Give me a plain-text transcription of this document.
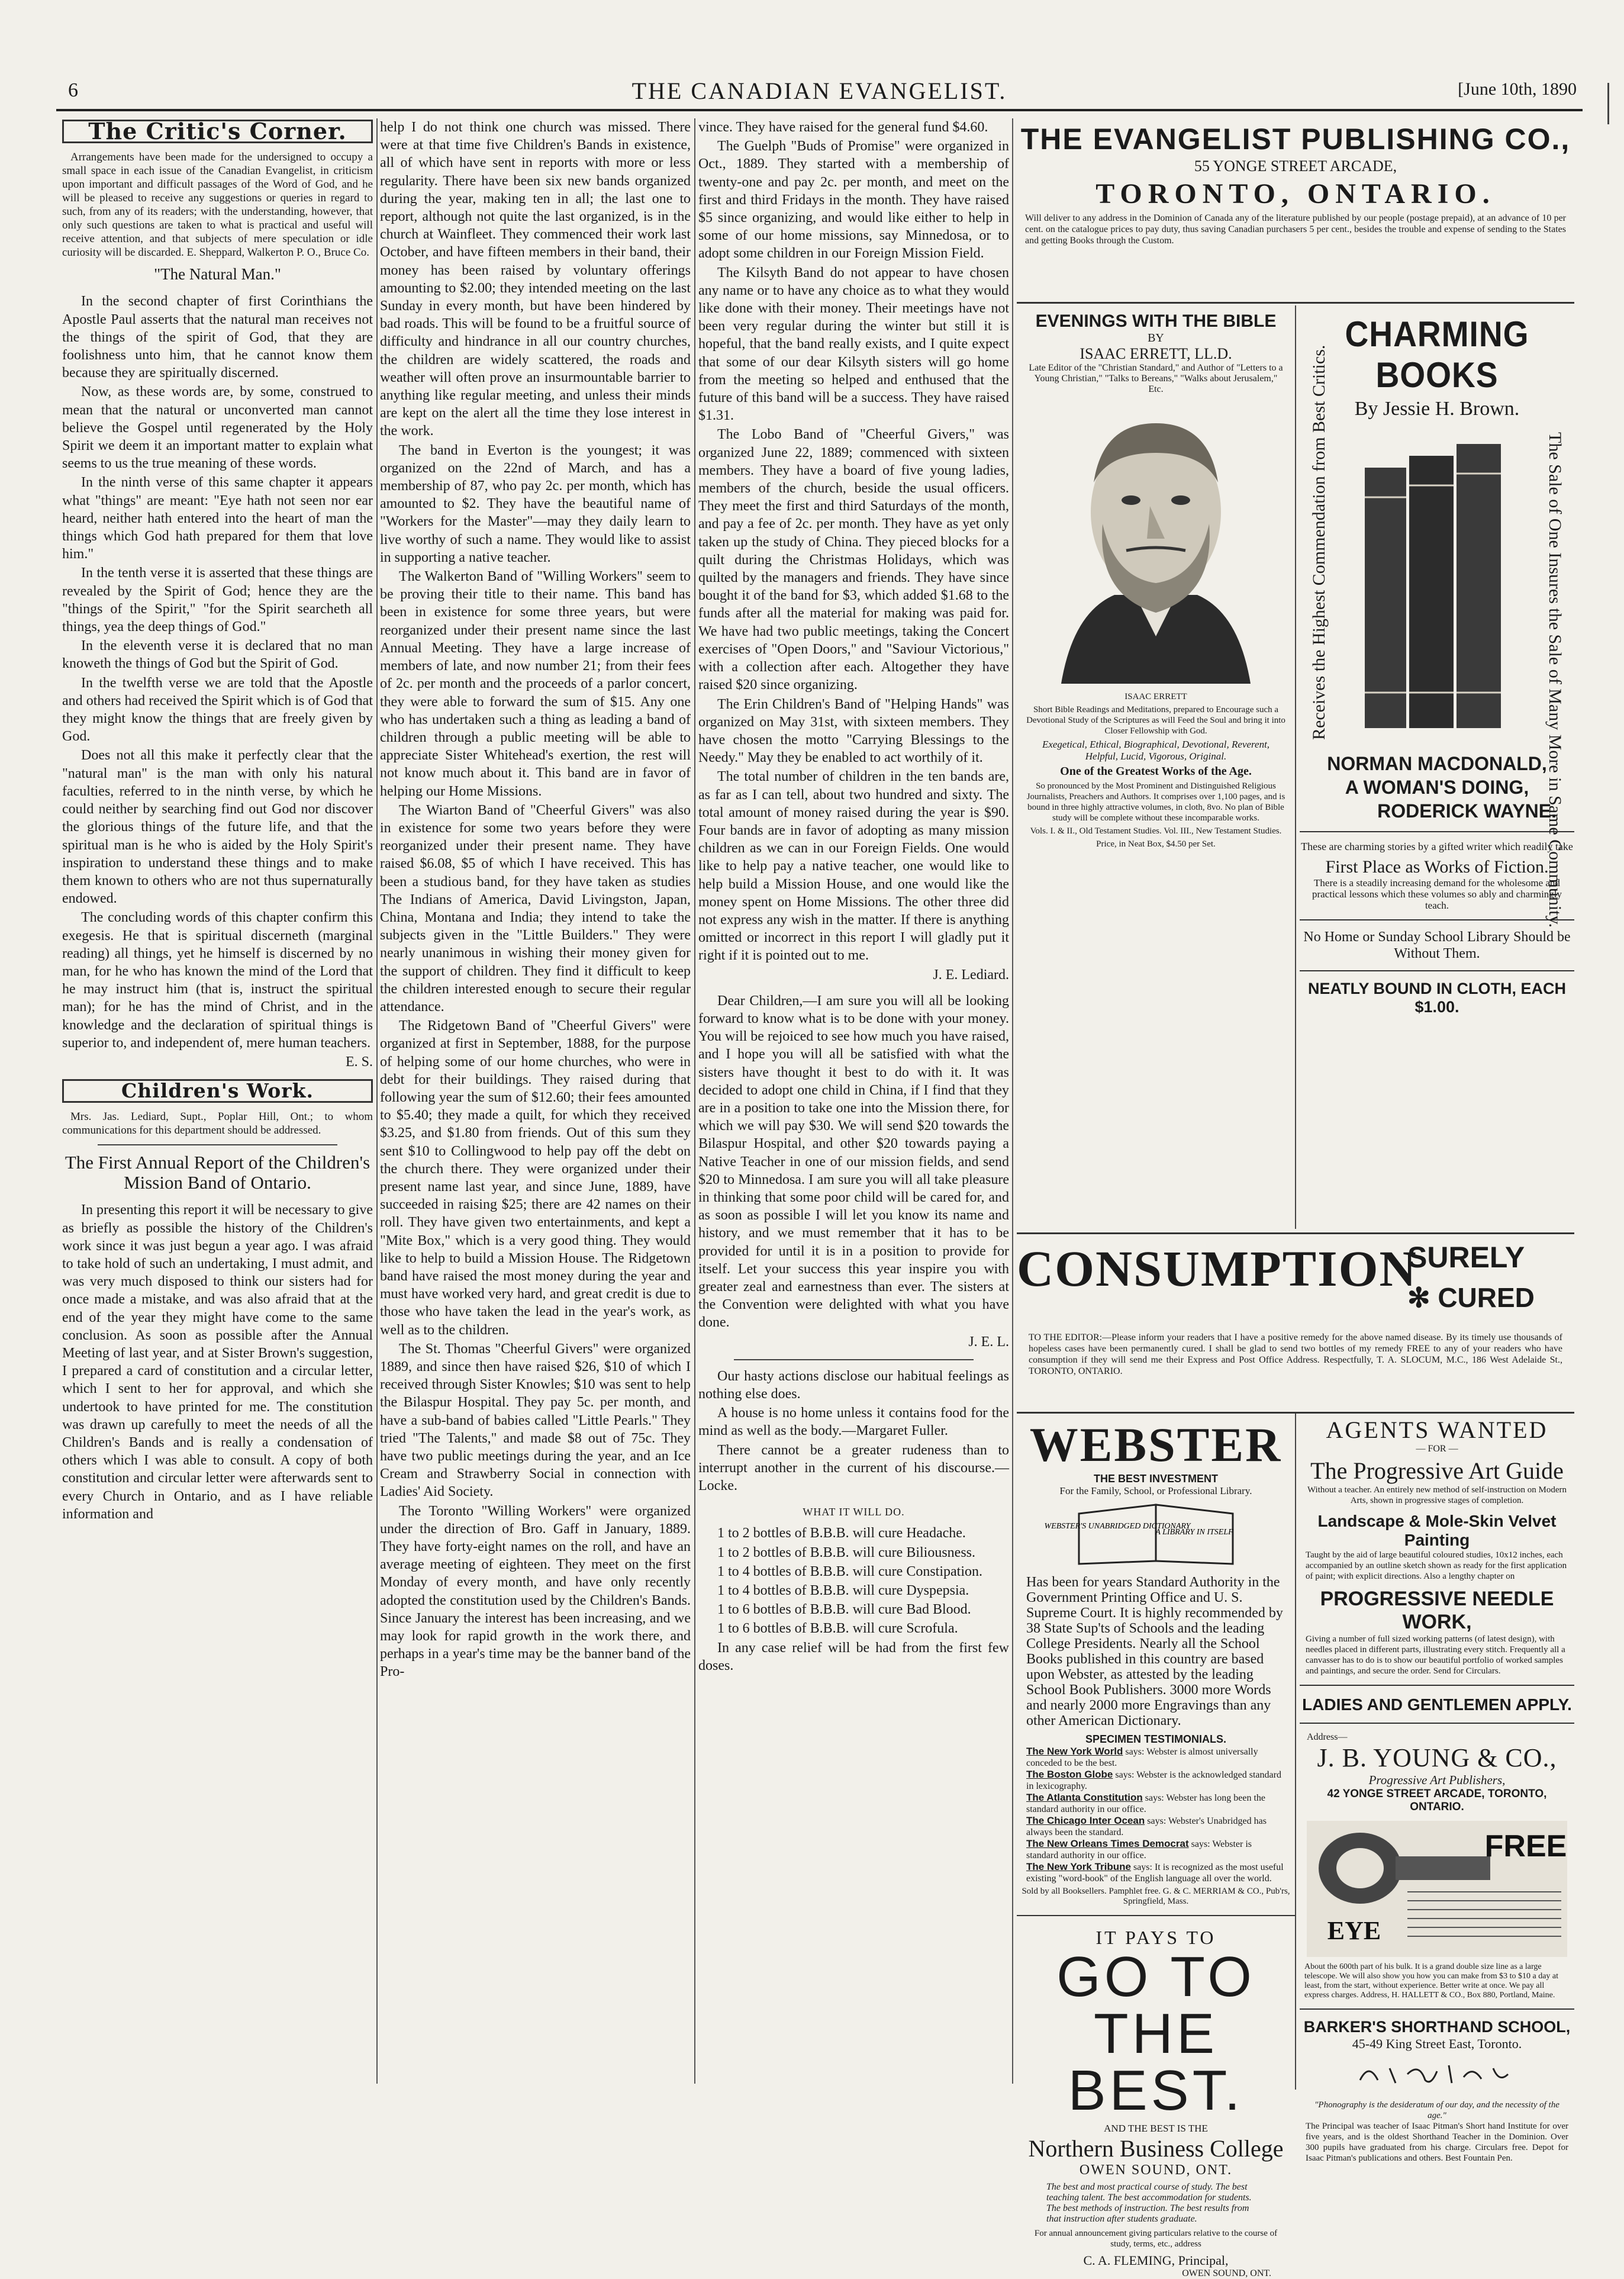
6	THE CANADIAN EVANGELIST.	[June 10th, 1890
The Critic's Corner.

Arrangements have been made for the undersigned to occupy a small space in each issue of the Canadian Evangelist, in criticism upon important and difficult passages of the Word of God, and he will be pleased to receive any suggestions or queries in regard to such, from any of its readers; with the understanding, however, that only such questions are taken to what is practical and useful will receive attention, and that subjects of mere speculation or idle curiosity will be discarded. E. Sheppard, Walkerton P. O., Bruce Co.

"The Natural Man."

In the second chapter of first Corinthians the Apostle Paul asserts that the natural man receives not the things of the spirit of God, that they are foolishness unto him, that he cannot know them because they are spiritually discerned.

Now, as these words are, by some, construed to mean that the natural or unconverted man cannot believe the Gospel until regenerated by the Holy Spirit we deem it an important matter to explain what seems to us the true meaning of these words.

In the ninth verse of this same chapter it appears what "things" are meant: "Eye hath not seen nor ear heard, neither hath entered into the heart of man the things which God hath prepared for them that love him."

In the tenth verse it is asserted that these things are revealed by the Spirit of God; hence they are the "things of the Spirit," "for the Spirit searcheth all things, yea the deep things of God."

In the eleventh verse it is declared that no man knoweth the things of God but the Spirit of God.

In the twelfth verse we are told that the Apostle and others had received the Spirit which is of God that they might know the things that are freely given by God.

Does not all this make it perfectly clear that the "natural man" is the man with only his natural faculties, referred to in the ninth verse, by which he could neither by searching find out God nor discover the glorious things of the future life, and that the spiritual man is he who is aided by the Holy Spirit's inspiration to understand these things and to make them known to others who are not thus supernaturally endowed.

The concluding words of this chapter confirm this exegesis. He that is spiritual discerneth (marginal reading) all things, yet he himself is discerned by no man, for he who has known the mind of the Lord that he may instruct him (that is, instruct the spiritual man); for he has the mind of Christ, and in the knowledge and the declaration of spiritual things is superior to, and independent of, mere human teachers.

E. S.

Children's Work.

Mrs. Jas. Lediard, Supt., Poplar Hill, Ont.; to whom communications for this department should be addressed.

The First Annual Report of the Children's Mission Band of Ontario.

In presenting this report it will be necessary to give as briefly as possible the history of the Children's work since it was just begun a year ago. I was afraid to take hold of such an undertaking, I must admit, and was very much disposed to think our sisters had for once made a mistake, and was also afraid that at the end of the year they might have come to the same conclusion. As soon as possible after the Annual Meeting of last year, and at Sister Brown's suggestion, I prepared a card of constitution and a circular letter, which I sent to her for approval, and which she undertook to have printed for me. The constitution was drawn up carefully to meet the needs of all the Children's Bands and is really a condensation of others which I was able to consult. A copy of both constitution and circular letter were afterwards sent to every Church in Ontario, and as I have reliable information and

help I do not think one church was missed. There were at that time five Children's Bands in existence, all of which have sent in reports with more or less regularity. There have been six new bands organized during the year, making ten in all; the last one to report, although not quite the last organized, is in the church at Wainfleet. They commenced their work last October, and have fifteen members in their band, their money has been raised by voluntary offerings amounting to $2.00; they intended meeting on the last Sunday in every month, but have been hindered by bad roads. This will be found to be a fruitful source of difficulty and hindrance in all our country churches, the children are widely scattered, the roads and weather will often prove an insurmountable barrier to anything like regular meeting, and unless their minds are kept on the alert all the time they lose interest in the work.

The band in Everton is the youngest; it was organized on the 22nd of March, and has a membership of 87, who pay 2c. per month, which has amounted to $2. They have the beautiful name of "Workers for the Master"—may they daily learn to live worthy of such a name. They would like to assist in supporting a native teacher.

The Walkerton Band of "Willing Workers" seem to be proving their title to their name. This band has been in existence for some three years, but were reorganized under their present name since the last Annual Meeting. They have a large increase of members of late, and now number 21; from their fees of 2c. per month and the proceeds of a parlor concert, they were able to forward the sum of $15. Any one who has undertaken such a thing as leading a band of children through a public meeting will be able to appreciate Sister Whitehead's exertion, the rest will not know much about it. This band are in favor of helping our Home Missions.

The Wiarton Band of "Cheerful Givers" was also in existence for some two years before they were reorganized under their present name. They have raised $6.08, $5 of which I have received. This has been a studious band, for they have taken as studies The Indians of America, David Livingston, Japan, China, Montana and India; they intend to take the subjects given in the "Little Builders." They were nearly unanimous in wishing their money given for the support of children. They find it difficult to keep the children interested enough to secure their regular attendance.

The Ridgetown Band of "Cheerful Givers" were organized at first in September, 1888, for the purpose of helping some of our home churches, who were in debt for their buildings. They raised during that following year the sum of $12.60; their fees amounted to $5.40; they made a quilt, for which they received $3.25, and $1.80 from friends. Out of this sum they sent $10 to Collingwood to help pay off the debt on the church there. They were organized under their present name last year, and since June, 1889, have succeeded in raising $25; there are 42 names on their roll. They have given two entertainments, and kept a "Mite Box," which is a very good thing. They would like to help to build a Mission House. The Ridgetown band have raised the most money during the year and must have worked very hard, and great credit is due to those who have taken the lead in the year's work, as well as to the children.

The St. Thomas "Cheerful Givers" were organized 1889, and since then have raised $26, $10 of which I received through Sister Knowles; $10 was sent to help the Bilaspur Hospital. They pay 5c. per month, and have a sub-band of babies called "Little Pearls." They tried "The Talents," and made $8 out of 75c. They have two public meetings during the year, and an Ice Cream and Strawberry Social in connection with Ladies' Aid Society.

The Toronto "Willing Workers" were organized under the direction of Bro. Gaff in January, 1889. They have forty-eight names on the roll, and have an average meeting of eighteen. They meet on the first Monday of every month, and have only recently adopted the constitution used by the Children's Bands. Since January the interest has been increasing, and we may look for rapid growth in the work there, and perhaps in a year's time may be the banner band of the Pro-

vince. They have raised for the general fund $4.60.

The Guelph "Buds of Promise" were organized in Oct., 1889. They started with a membership of twenty-one and pay 2c. per month, and meet on the first and third Fridays in the month. They have raised $5 since organizing, and would like either to help in some of our home missions, say Minnedosa, or to adopt some children in our Foreign Mission Field.

The Kilsyth Band do not appear to have chosen any name or to have any choice as to what they would like done with their money. Their meetings have not been very regular during the winter but still it is hopeful, that the band really exists, and I quite expect that some of our dear Kilsyth sisters will go home from the meeting so helped and enthused that the future of this band will be a success. They have raised $1.31.

The Lobo Band of "Cheerful Givers," was organized June 22, 1889; commenced with sixteen members. They have a board of five young ladies, members of the church, beside the usual officers. They meet the first and third Saturdays of the month, and pay a fee of 2c. per month. They have as yet only taken up the study of China. They pieced blocks for a quilt during the Christmas Holidays, which was quilted by the managers and friends. They have since bought it of the band for $3, which added $1.68 to the funds after all the material for making was paid for. We have had two public meetings, taking the Concert exercises of "Open Doors," and "Saviour Victorious," with a collection after each. Altogether they have raised $20 since organizing.

The Erin Children's Band of "Helping Hands" was organized on May 31st, with sixteen members. They have chosen the motto "Carrying Blessings to the Needy." May they be enabled to act worthily of it.

The total number of children in the ten bands are, as far as I can tell, about two hundred and sixty. The total amount of money raised during the year is $90. Four bands are in favor of adopting as many mission children as we can in our Foreign Fields. One would like to help pay a native teacher, one would like to help build a Mission House, and one would like the money spent on Home Missions. The other three did not express any wish in the matter. If there is anything omitted or incorrect in this report I will gladly put it right if it is pointed out to me.

J. E. Lediard.

Dear Children,—I am sure you will all be looking forward to know what is to be done with your money. You will be rejoiced to see how much you have raised, and I hope you will all be satisfied with what the sisters have thought it best to do with it. It was decided to adopt one child in China, if I find that they are in a position to take one into the Mission there, for which we will pay $30. We will send $20 towards the Bilaspur Hospital, and other $20 towards paying a Native Teacher in one of our mission fields, and send $20 to Minnedosa. I am sure you will all take pleasure in thinking that some poor child will be cared for, and as soon as possible I will let you know its name and history, and we must remember that it has to be provided for until it is in a position to provide for itself. Let your success this year inspire you with greater zeal and earnestness than ever. The sisters at the Convention were delighted with what you have done.

J. E. L.

Our hasty actions disclose our habitual feelings as nothing else does.

A house is no home unless it contains food for the mind as well as the body.—Margaret Fuller.

There cannot be a greater rudeness than to interrupt another in the current of his discourse.—Locke.

WHAT IT WILL DO.

1 to 2 bottles of B.B.B. will cure Headache.

1 to 2 bottles of B.B.B. will cure Biliousness.

1 to 4 bottles of B.B.B. will cure Constipation.

1 to 4 bottles of B.B.B. will cure Dyspepsia.

1 to 6 bottles of B.B.B. will cure Bad Blood.

1 to 6 bottles of B.B.B. will cure Scrofula.

In any case relief will be had from the first few doses.

THE EVANGELIST PUBLISHING CO.,
55 YONGE STREET ARCADE,
TORONTO, ONTARIO.
Will deliver to any address in the Dominion of Canada any of the literature published by our people (postage prepaid), at an advance of 10 per cent. on the catalogue prices to pay duty, thus saving Canadian purchasers 5 per cent., besides the trouble and expense of sending to the States and getting Books through the Custom.
EVENINGS WITH THE BIBLE
BY
ISAAC ERRETT, LL.D.
Late Editor of the "Christian Standard," and Author of "Letters to a Young Christian," "Talks to Bereans," "Walks about Jerusalem," Etc.
ISAAC ERRETT
Short Bible Readings and Meditations, prepared to Encourage such a Devotional Study of the Scriptures as will Feed the Soul and bring it into Closer Fellowship with God.
Exegetical, Ethical, Biographical, Devotional, Reverent, Helpful, Lucid, Vigorous, Original.
One of the Greatest Works of the Age.
So pronounced by the Most Prominent and Distinguished Religious Journalists, Preachers and Authors. It comprises over 1,100 pages, and is bound in three highly attractive volumes, in cloth, 8vo. No plan of Bible study will be complete without these incomparable works.
Vols. I. & II., Old Testament Studies. Vol. III., New Testament Studies.
Price, in Neat Box, $4.50 per Set.
CHARMING BOOKS
By Jessie H. Brown.
Receives the Highest Commendation from Best Critics.	The Sale of One Insures the Sale of Many More in Same Community.
NORMAN MACDONALD,
A WOMAN'S DOING,
RODERICK WAYNE.
These are charming stories by a gifted writer which readily take
First Place as Works of Fiction.
There is a steadily increasing demand for the wholesome and practical lessons which these volumes so ably and charmingly teach.
No Home or Sunday School Library Should be Without Them.
NEATLY BOUND IN CLOTH, EACH $1.00.
CONSUMPTION
SURELY
✻ CURED
TO THE EDITOR:—Please inform your readers that I have a positive remedy for the above named disease. By its timely use thousands of hopeless cases have been permanently cured. I shall be glad to send two bottles of my remedy FREE to any of your readers who have consumption if they will send me their Express and Post Office Address. Respectfully, T. A. SLOCUM, M.C., 186 West Adelaide St., TORONTO, ONTARIO.
WEBSTER
THE BEST INVESTMENT
For the Family, School, or Professional Library.
WEBSTER'S UNABRIDGED DICTIONARY
A LIBRARY IN ITSELF
Has been for years Standard Authority in the Government Printing Office and U. S. Supreme Court. It is highly recommended by 38 State Sup'ts of Schools and the leading College Presidents. Nearly all the School Books published in this country are based upon Webster, as attested by the leading School Book Publishers. 3000 more Words and nearly 2000 more Engravings than any other American Dictionary.
SPECIMEN TESTIMONIALS.
The New York World says: Webster is almost universally conceded to be the best.
The Boston Globe says: Webster is the acknowledged standard in lexicography.
The Atlanta Constitution says: Webster has long been the standard authority in our office.
The Chicago Inter Ocean says: Webster's Unabridged has always been the standard.
The New Orleans Times Democrat says: Webster is standard authority in our office.
The New York Tribune says: It is recognized as the most useful existing "word-book" of the English language all over the world.
Sold by all Booksellers. Pamphlet free. G. & C. MERRIAM & CO., Pub'rs, Springfield, Mass.
IT PAYS TO
GO TO
THE BEST.
AND THE BEST IS THE
Northern Business College
OWEN SOUND, ONT.
The best and most practical course of study. The best teaching talent. The best accommodation for students. The best methods of instruction. The best results from that instruction after students graduate.
For annual announcement giving particulars relative to the course of study, terms, etc., address
C. A. FLEMING, Principal,
OWEN SOUND, ONT.
AGENTS WANTED
— FOR —
The Progressive Art Guide
Without a teacher. An entirely new method of self-instruction on Modern Arts, shown in progressive stages of completion.
Landscape & Mole-Skin Velvet Painting
Taught by the aid of large beautiful coloured studies, 10x12 inches, each accompanied by an outline sketch shown as ready for the first application of paint; with explicit directions. Also a lengthy chapter on
PROGRESSIVE NEEDLE WORK,
Giving a number of full sized working patterns (of latest design), with needles placed in different parts, illustrating every stitch. Frequently all a canvasser has to do is to show our beautiful portfolio of worked samples and paintings, and secure the order. Send for Circulars.
LADIES AND GENTLEMEN APPLY.
Address—
J. B. YOUNG & CO.,
Progressive Art Publishers,
42 YONGE STREET ARCADE, TORONTO, ONTARIO.
FREE
EYE
About the 600th part of his bulk. It is a grand double size line as a large telescope. We will also show you how you can make from $3 to $10 a day at least, from the start, without experience. Better write at once. We pay all express charges. Address, H. HALLETT & CO., Box 880, Portland, Maine.
BARKER'S SHORTHAND SCHOOL,
45-49 King Street East, Toronto.
"Phonography is the desideratum of our day, and the necessity of the age."
The Principal was teacher of Isaac Pitman's Short hand Institute for over five years, and is the oldest Shorthand Teacher in the Dominion. Over 300 pupils have graduated from his charge. Circulars free. Depot for Isaac Pitman's publications and others. Best Fountain Pen.
